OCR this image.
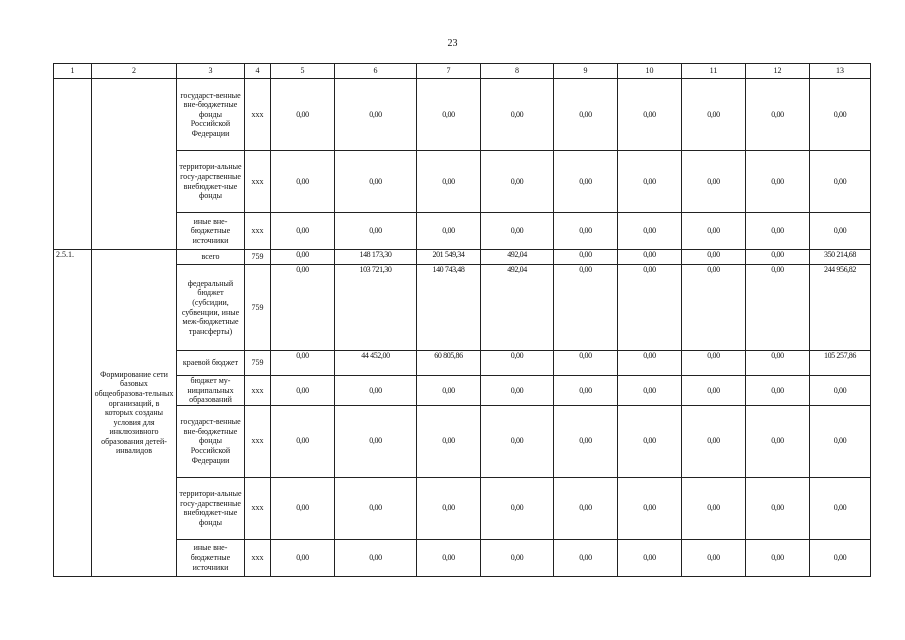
23
1	2	3	4	5	6	7	8	9	10	11	12	13
		государст-венные вне-бюджетные фонды Российской Федерации	ххх	0,00	0,00	0,00	0,00	0,00	0,00	0,00	0,00	0,00
		территори-альные госу-дарственные внебюджет-ные фонды	ххх	0,00	0,00	0,00	0,00	0,00	0,00	0,00	0,00	0,00
		иные вне-бюджетные источники	ххх	0,00	0,00	0,00	0,00	0,00	0,00	0,00	0,00	0,00
2.5.1.	Формирование сети базовых общеобразова-тельных организаций, в которых созданы условия для инклюзивного образования детей-инвалидов	всего	759	0,00	148 173,30	201 549,34	492,04	0,00	0,00	0,00	0,00	350 214,68
		федеральный бюджет (субсидии, субвенции, иные меж-бюджетные трансферты)	759	0,00	103 721,30	140 743,48	492,04	0,00	0,00	0,00	0,00	244 956,82
		краевой бюджет	759	0,00	44 452,00	60 805,86	0,00	0,00	0,00	0,00	0,00	105 257,86
		бюджет му-ниципальных образований	ххх	0,00	0,00	0,00	0,00	0,00	0,00	0,00	0,00	0,00
		государст-венные вне-бюджетные фонды Российской Федерации	ххх	0,00	0,00	0,00	0,00	0,00	0,00	0,00	0,00	0,00
		территори-альные госу-дарственные внебюджет-ные фонды	ххх	0,00	0,00	0,00	0,00	0,00	0,00	0,00	0,00	0,00
		иные вне-бюджетные источники	ххх	0,00	0,00	0,00	0,00	0,00	0,00	0,00	0,00	0,00
